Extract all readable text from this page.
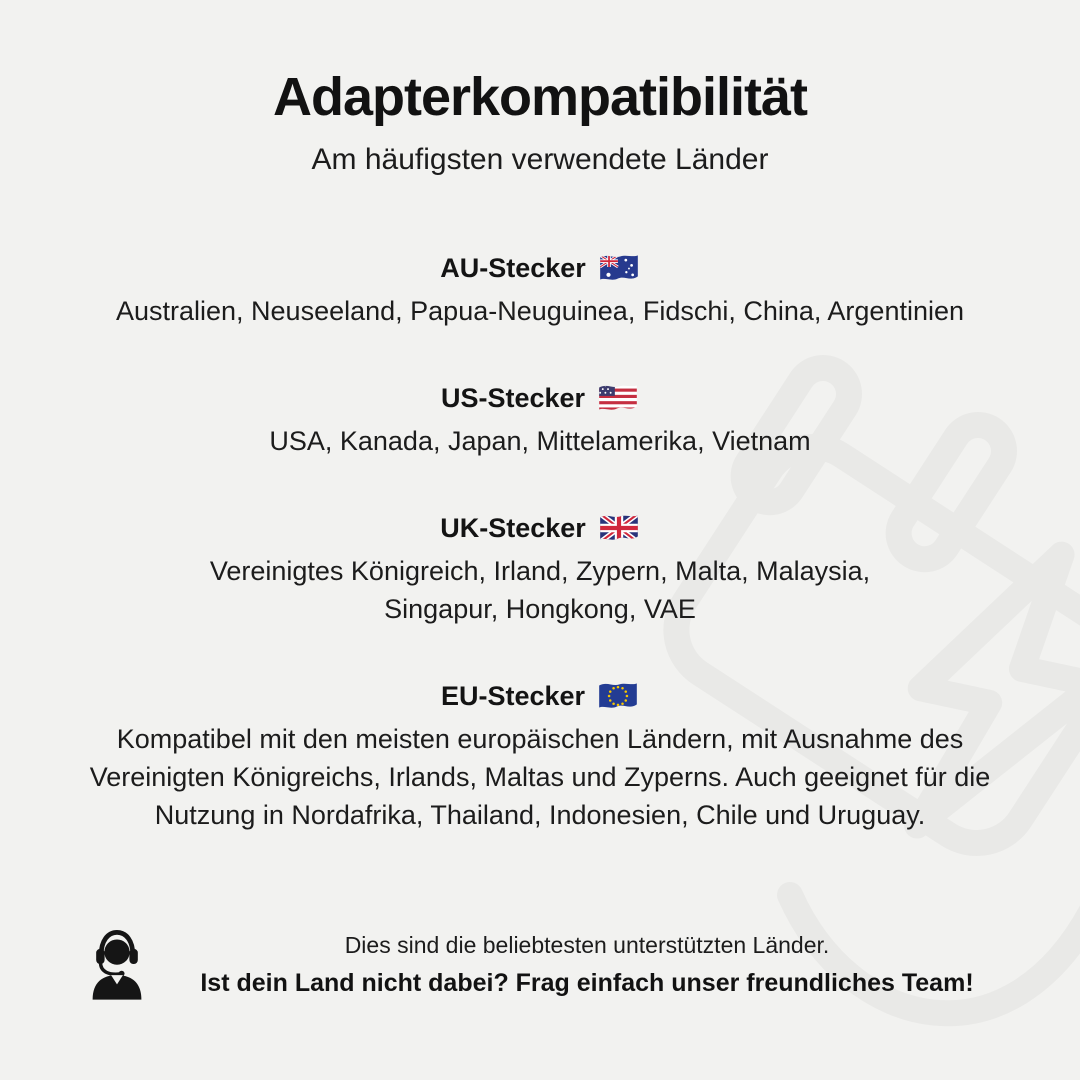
Adapterkompatibilität
Am häufigsten verwendete Länder
AU-Stecker

Australien, Neuseeland, Papua-Neuguinea, Fidschi, China, Argentinien

US-Stecker

USA, Kanada, Japan, Mittelamerika, Vietnam

UK-Stecker

Vereinigtes Königreich, Irland, Zypern, Malta, Malaysia, Singapur, Hongkong, VAE

EU-Stecker

Kompatibel mit den meisten europäischen Ländern, mit Ausnahme des Vereinigten Königreichs, Irlands, Maltas und Zyperns. Auch geeignet für die Nutzung in Nordafrika, Thailand, Indonesien, Chile und Uruguay.

Dies sind die beliebtesten unterstützten Länder.
Ist dein Land nicht dabei? Frag einfach unser freundliches Team!
